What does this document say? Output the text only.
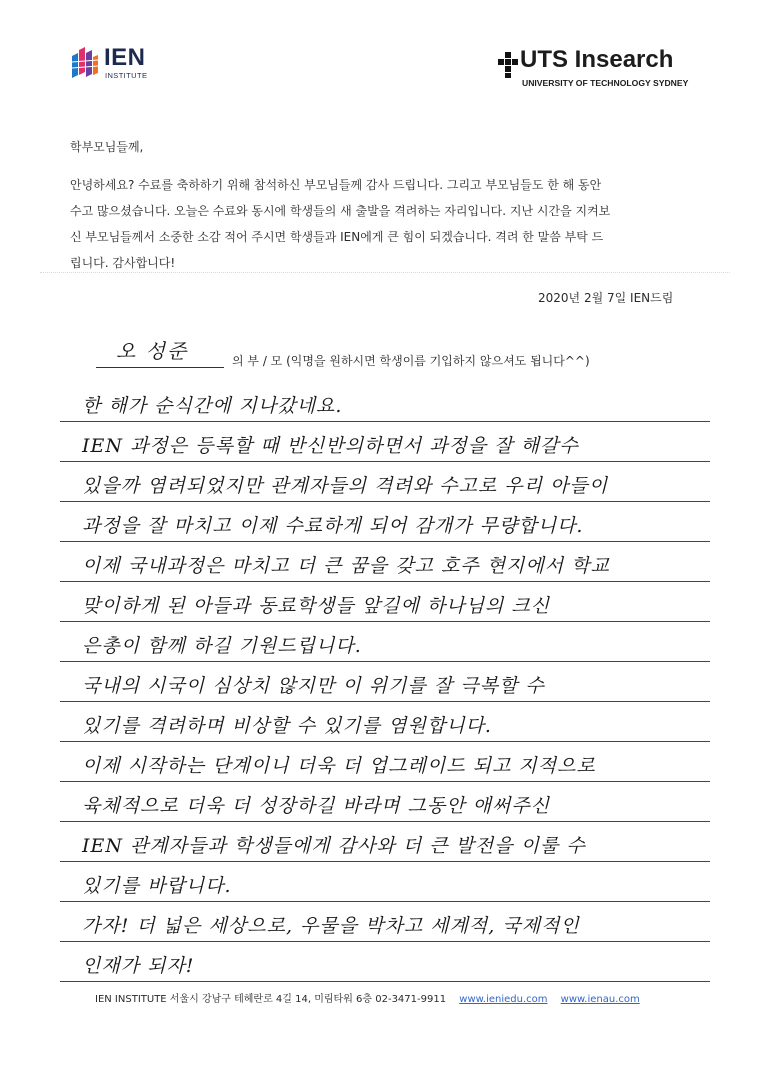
IEN
INSTITUTE
UTS Insearch
UNIVERSITY OF TECHNOLOGY SYDNEY
학부모님들께,

안녕하세요? 수료를 축하하기 위해 참석하신 부모님들께 감사 드립니다. 그리고 부모님들도 한 해 동안

수고 많으셨습니다. 오늘은 수료와 동시에 학생들의 새 출발을 격려하는 자리입니다. 지난 시간을 지켜보

신 부모님들께서 소중한 소감 적어 주시면 학생들과 IEN에게 큰 힘이 되겠습니다. 격려 한 말씀 부탁 드

립니다. 감사합니다!

2020년 2월 7일 IEN드림
오 성준	의 부 / 모 (익명을 원하시면 학생이름 기입하지 않으셔도 됩니다^^)
한 해가 순식간에 지나갔네요.
IEN 과정은 등록할 때 반신반의하면서 과정을 잘 해갈수
있을까 염려되었지만 관계자들의 격려와 수고로 우리 아들이
과정을 잘 마치고 이제 수료하게 되어 감개가 무량합니다.
이제 국내과정은 마치고 더 큰 꿈을 갖고 호주 현지에서 학교
맞이하게 된 아들과 동료학생들 앞길에 하나님의 크신
은총이 함께 하길 기원드립니다.
국내의 시국이 심상치 않지만 이 위기를 잘 극복할 수
있기를 격려하며 비상할 수 있기를 염원합니다.
이제 시작하는 단계이니 더욱 더 업그레이드 되고 지적으로
육체적으로 더욱 더 성장하길 바라며 그동안 애써주신
IEN 관계자들과 학생들에게 감사와 더 큰 발전을 이룰 수
있기를 바랍니다.
가자! 더 넓은 세상으로, 우물을 박차고 세계적, 국제적인
인재가 되자!
IEN INSTITUTE 서울시 강남구 테헤란로 4길 14, 미림타워 6층 02-3471-9911 www.ieniedu.com www.ienau.com
